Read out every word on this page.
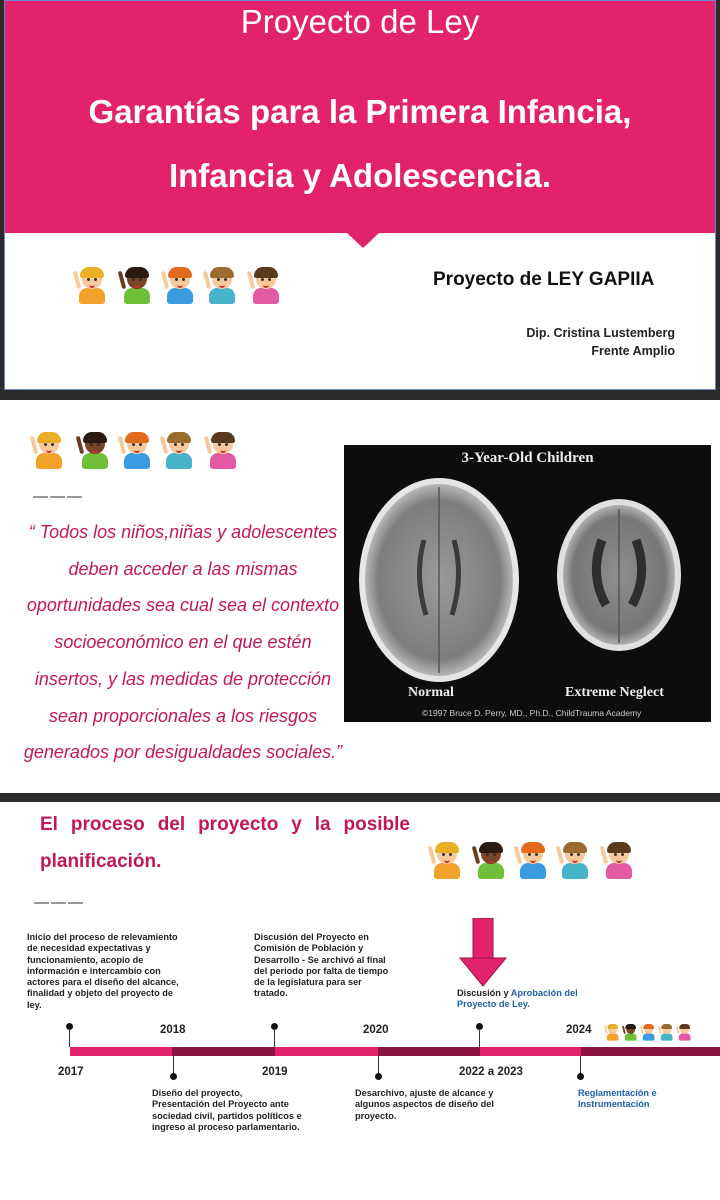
Proyecto de Ley
Garantías para la Primera Infancia,
Infancia y Adolescencia.
Proyecto de LEY GAPIIA
Dip. Cristina Lustemberg
Frente Amplio
———
“ Todos los niños,niñas y adolescentes deben acceder a las mismas oportunidades sea cual sea el contexto socioeconómico en el que estén insertos, y las medidas de protección sean proporcionales a los riesgos generados por desigualdades sociales.”
3-Year-Old Children
Normal	Extreme Neglect
©1997 Bruce D. Perry, MD., Ph.D., ChildTrauma Academy
El proceso del proyecto y la posible
planificación.
———
2017
2018
2019
2020
2022 a 2023
2024
Inicio del proceso de relevamiento de necesidad expectativas y funcionamiento, acopio de información e intercambio con actores para el diseño del alcance, finalidad y objeto del proyecto de ley.
Diseño del proyecto, Presentación del Proyecto ante sociedad civil, partidos políticos e ingreso al proceso parlamentario.
Discusión del Proyecto en Comisión de Población y Desarrollo - Se archivó al final del periodo por falta de tiempo de la legislatura para ser tratado.
Desarchivo, ajuste de alcance y algunos aspectos de diseño del proyecto.
Discusión y Aprobación del Proyecto de Ley.
Reglamentación e Instrumentación
